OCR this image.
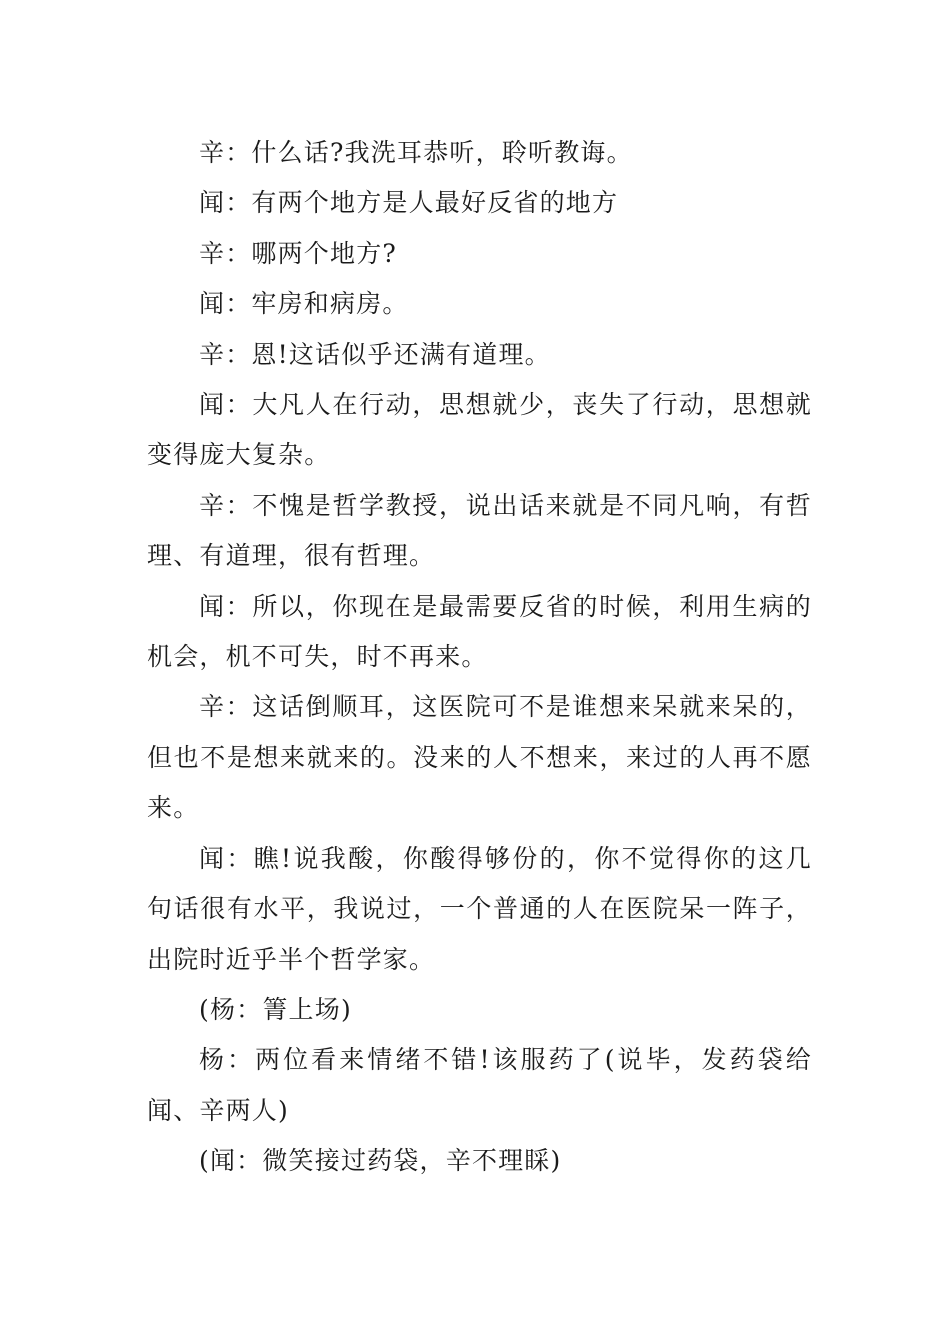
辛：什么话?我洗耳恭听，聆听教诲。

闻：有两个地方是人最好反省的地方

辛：哪两个地方?

闻：牢房和病房。

辛：恩!这话似乎还满有道理。

闻：大凡人在行动，思想就少，丧失了行动，思想就变得庞大复杂。

辛：不愧是哲学教授，说出话来就是不同凡响，有哲理、有道理，很有哲理。

闻：所以，你现在是最需要反省的时候，利用生病的机会，机不可失，时不再来。

辛：这话倒顺耳，这医院可不是谁想来呆就来呆的，但也不是想来就来的。没来的人不想来，来过的人再不愿来。

闻：瞧!说我酸，你酸得够份的，你不觉得你的这几句话很有水平，我说过，一个普通的人在医院呆一阵子，出院时近乎半个哲学家。

(杨：箐上场)

杨：两位看来情绪不错!该服药了(说毕，发药袋给闻、辛两人)

(闻：微笑接过药袋，辛不理睬)
